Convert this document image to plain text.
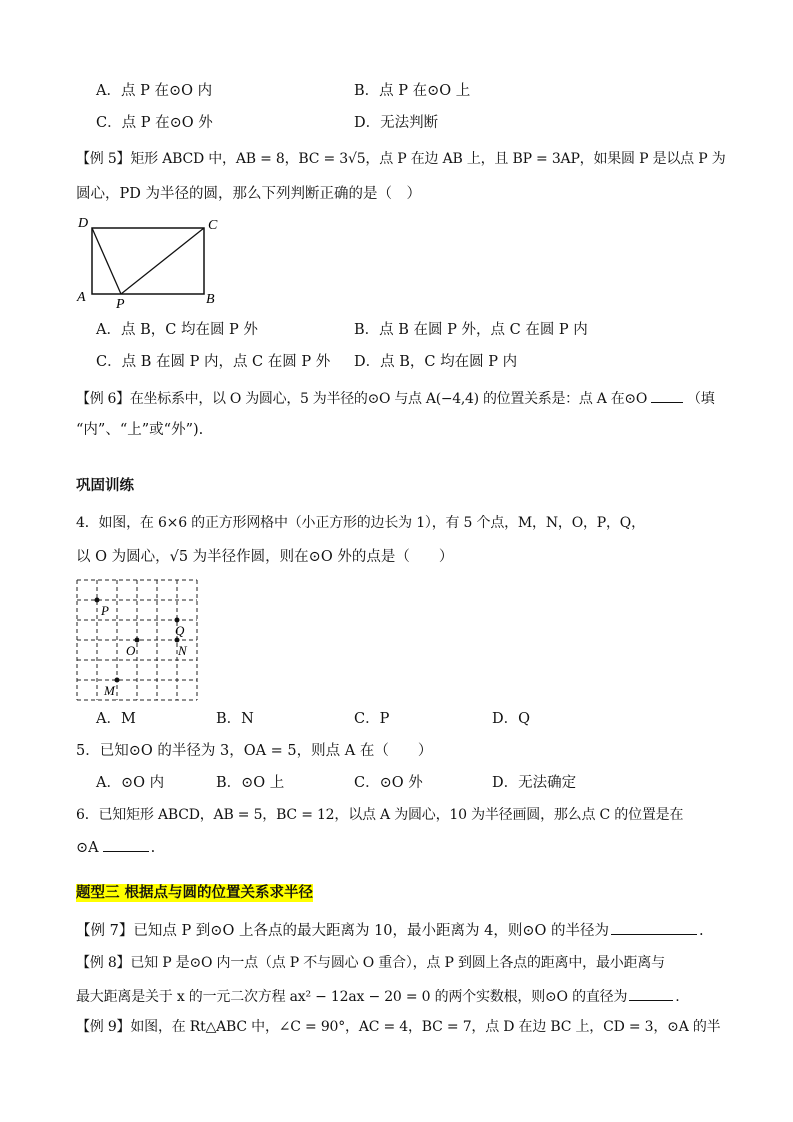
A．点 P 在⊙O 内	B．点 P 在⊙O 上
C．点 P 在⊙O 外	D．无法判断
【例 5】矩形 ABCD 中，AB = 8，BC = 3√5，点 P 在边 AB 上，且 BP = 3AP，如果圆 P 是以点 P 为
圆心，PD 为半径的圆，那么下列判断正确的是（　）
D	C
A P	B
A．点 B，C 均在圆 P 外	B．点 B 在圆 P 外，点 C 在圆 P 内
C．点 B 在圆 P 内，点 C 在圆 P 外 D．点 B，C 均在圆 P 内
【例 6】在坐标系中，以 O 为圆心，5 为半径的⊙O 与点 A(−4,4) 的位置关系是：点 A 在⊙O	（填
“内”、“上”或“外”).
巩固训练
4．如图，在 6×6 的正方形网格中（小正方形的边长为 1），有 5 个点，M，N，O，P，Q，
以 O 为圆心，√5 为半径作圆，则在⊙O 外的点是（　　）
P
Q
O	N
M
A．M	B．N	C．P	D．Q
5．已知⊙O 的半径为 3，OA = 5，则点 A 在（　　）
A．⊙O 内	B．⊙O 上	C．⊙O 外	D．无法确定
6．已知矩形 ABCD，AB = 5，BC = 12，以点 A 为圆心，10 为半径画圆，那么点 C 的位置是在
⊙A	.
题型三 根据点与圆的位置关系求半径
【例 7】已知点 P 到⊙O 上各点的最大距离为 10，最小距离为 4，则⊙O 的半径为	.
【例 8】已知 P 是⊙O 内一点（点 P 不与圆心 O 重合），点 P 到圆上各点的距离中，最小距离与
最大距离是关于 x 的一元二次方程 ax² − 12ax − 20 = 0 的两个实数根，则⊙O 的直径为	.
【例 9】如图，在 Rt△ABC 中，∠C = 90°，AC = 4，BC = 7，点 D 在边 BC 上，CD = 3，⊙A 的半
